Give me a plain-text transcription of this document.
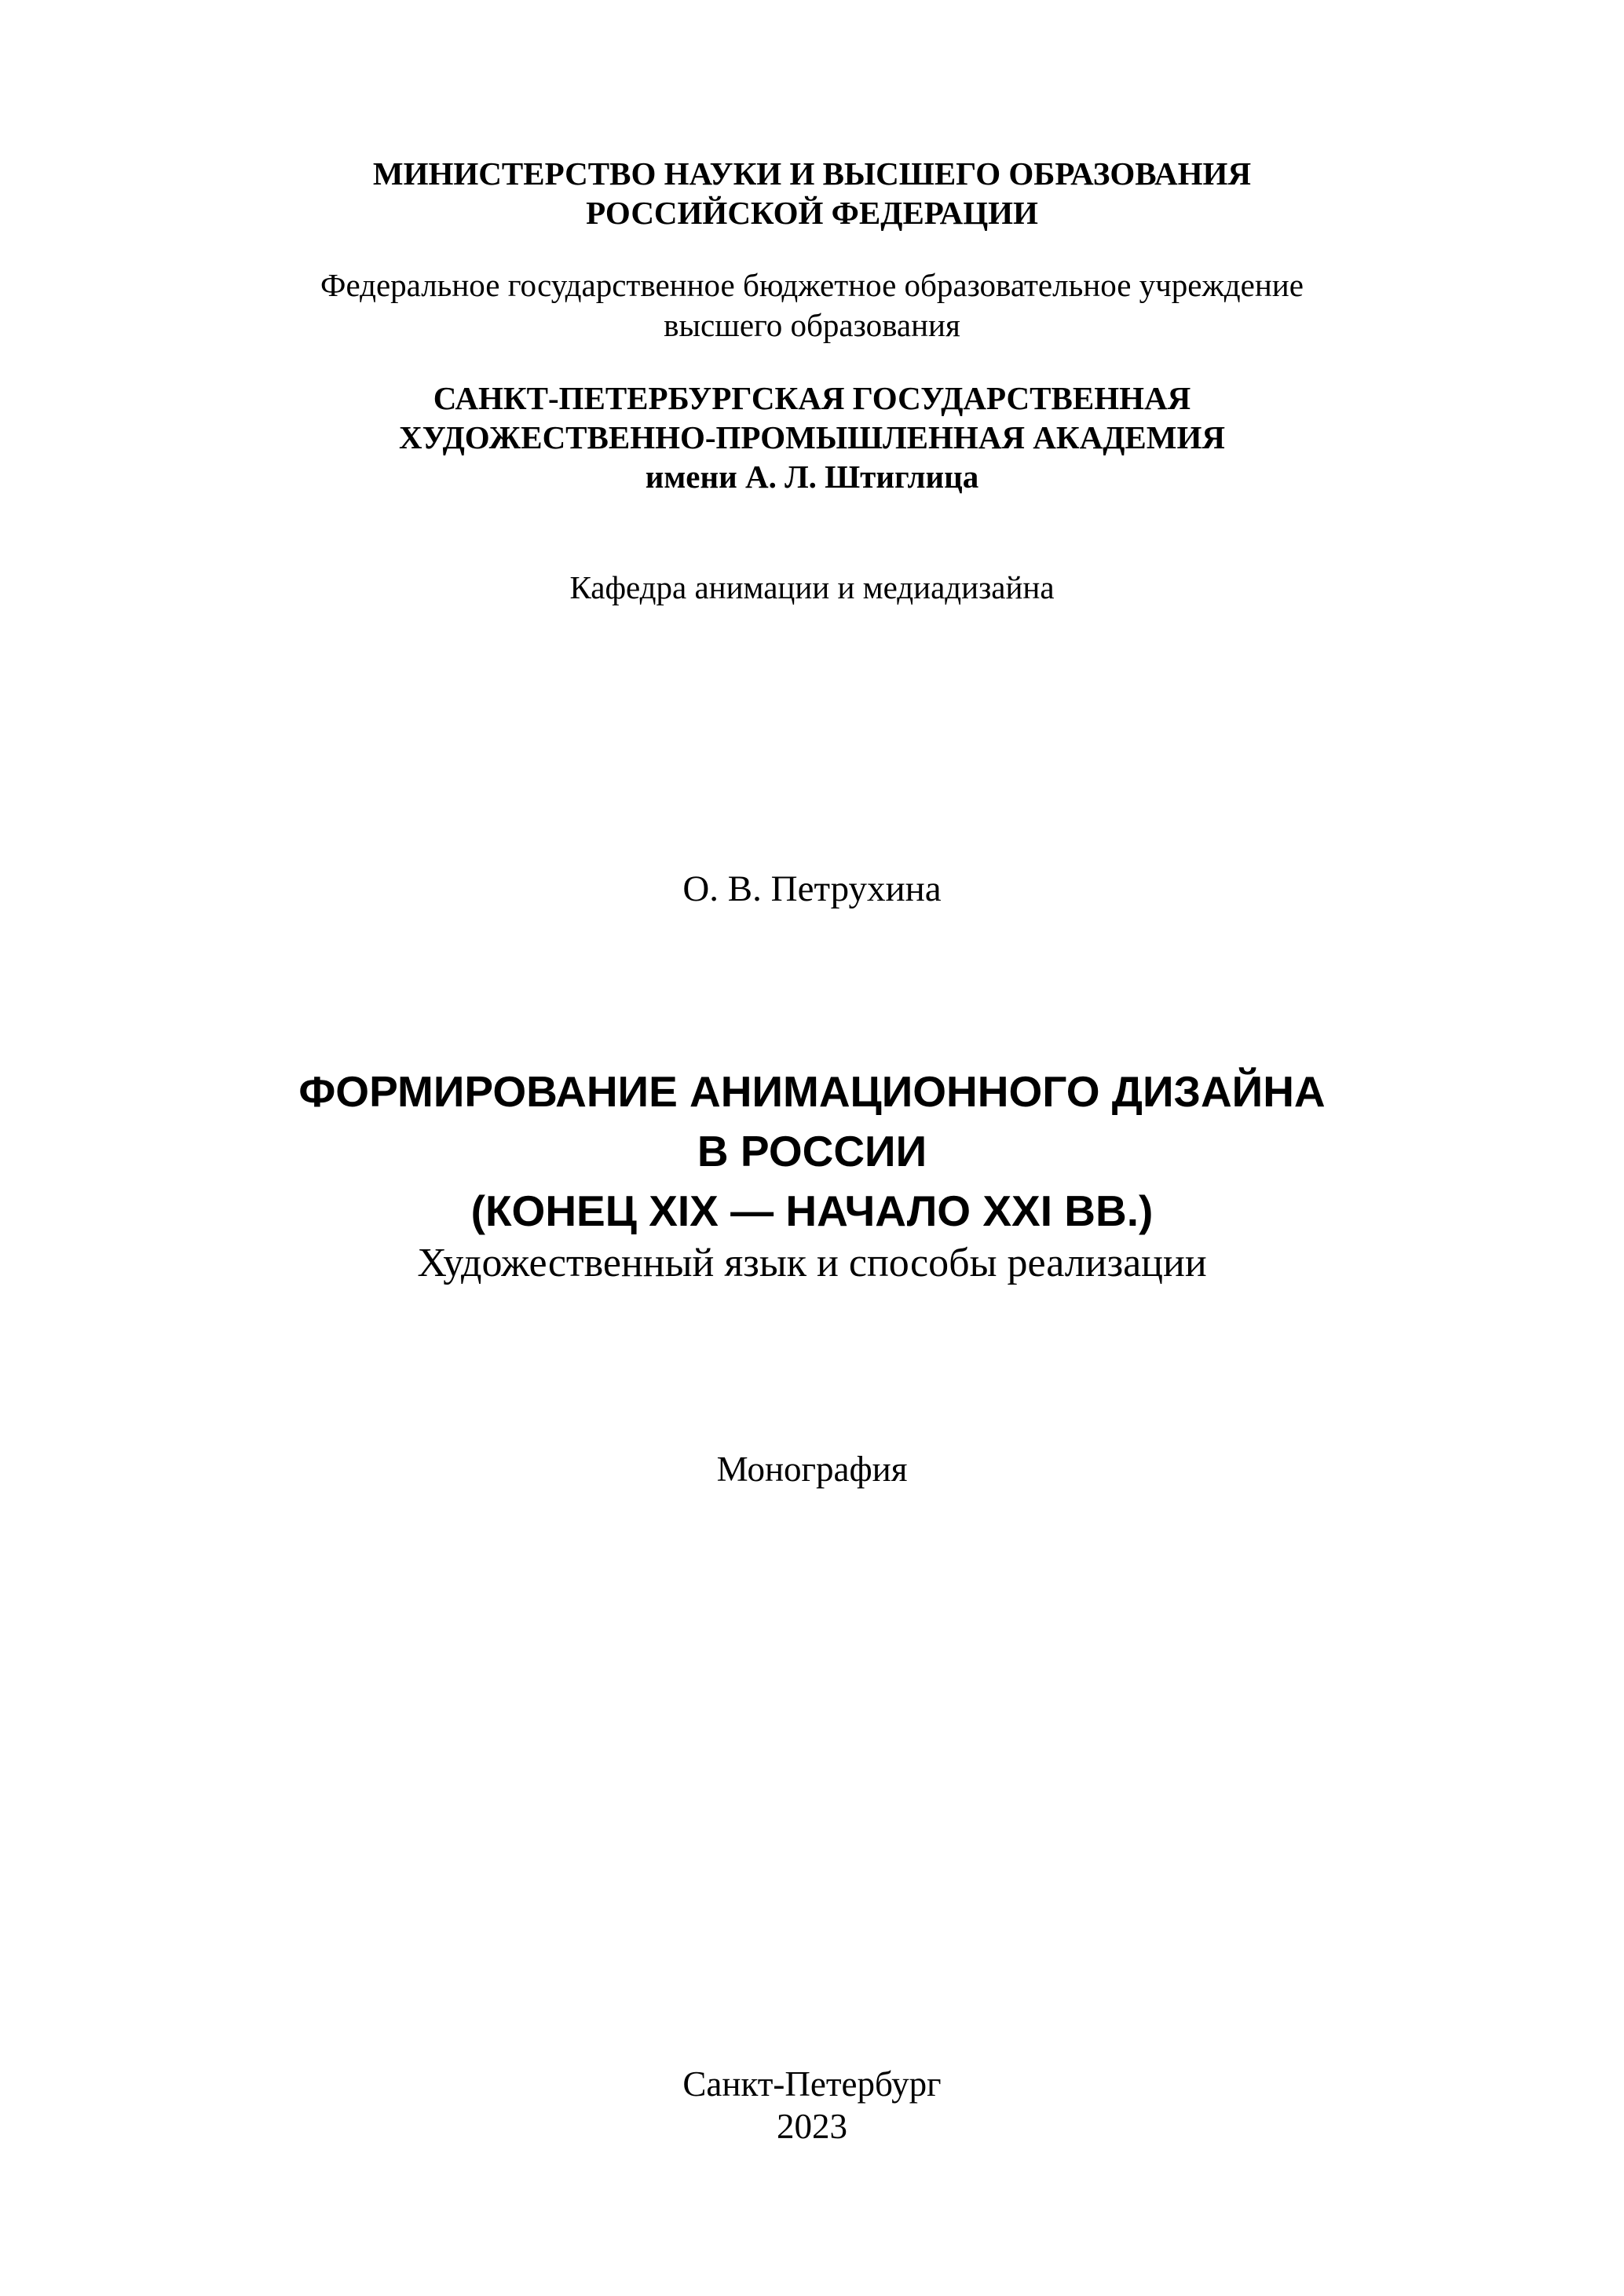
МИНИСТЕРСТВО НАУКИ И ВЫСШЕГО ОБРАЗОВАНИЯ
РОССИЙСКОЙ ФЕДЕРАЦИИ
Федеральное государственное бюджетное образовательное учреждение
высшего образования
САНКТ-ПЕТЕРБУРГСКАЯ ГОСУДАРСТВЕННАЯ
ХУДОЖЕСТВЕННО-ПРОМЫШЛЕННАЯ АКАДЕМИЯ
имени А. Л. Штиглица
Кафедра анимации и медиадизайна
О. В. Петрухина
ФОРМИРОВАНИЕ АНИМАЦИОННОГО ДИЗАЙНА
В РОССИИ
(КОНЕЦ XIX — НАЧАЛО XXI ВВ.)
Художественный язык и способы реализации
Монография
Санкт-Петербург
2023
